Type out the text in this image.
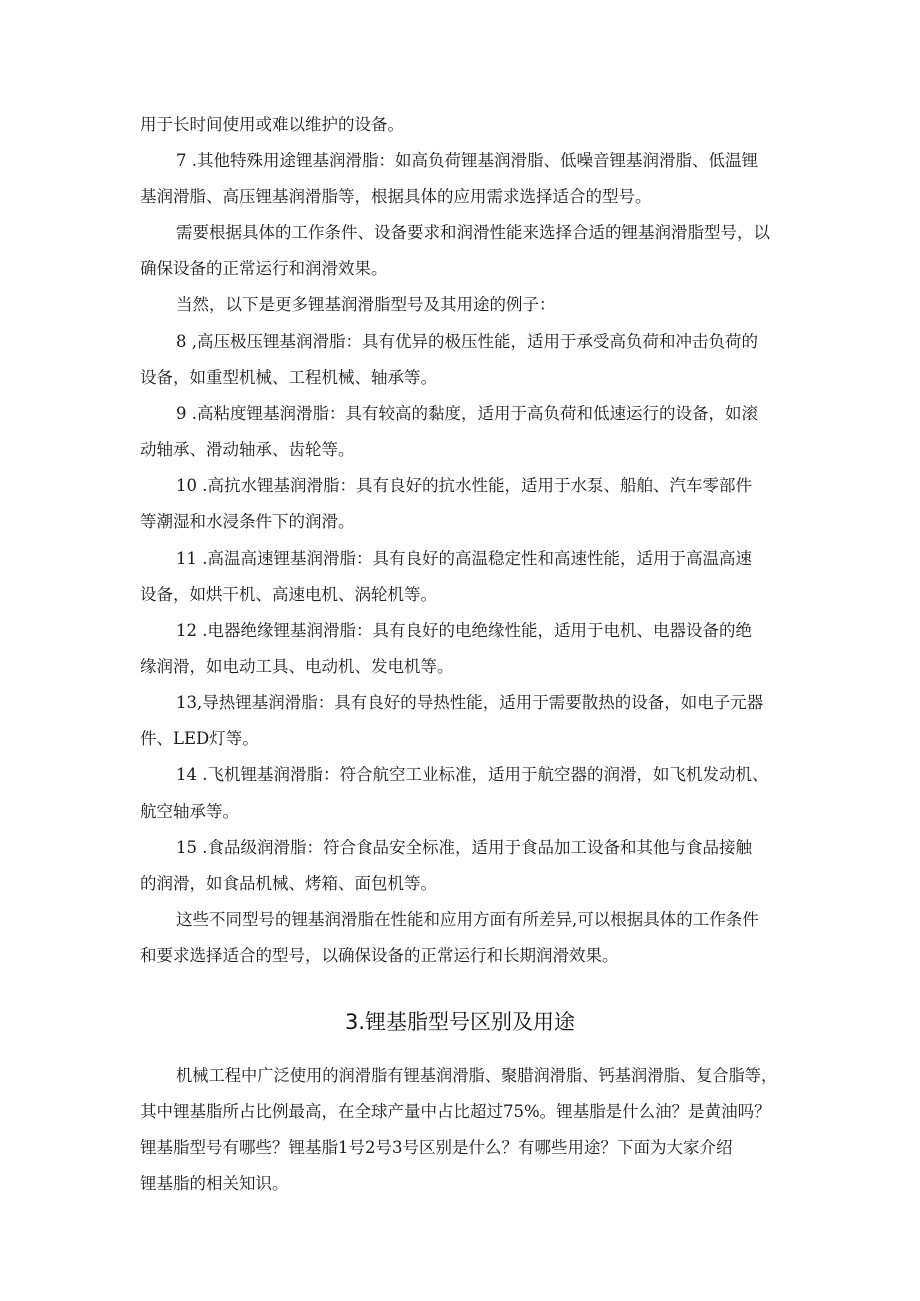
用于长时间使用或难以维护的设备。
7 .其他特殊用途锂基润滑脂：如高负荷锂基润滑脂、低噪音锂基润滑脂、低温锂
基润滑脂、高压锂基润滑脂等，根据具体的应用需求选择适合的型号。
需要根据具体的工作条件、设备要求和润滑性能来选择合适的锂基润滑脂型号，以
确保设备的正常运行和润滑效果。
当然，以下是更多锂基润滑脂型号及其用途的例子：
8 ,高压极压锂基润滑脂：具有优异的极压性能，适用于承受高负荷和冲击负荷的
设备，如重型机械、工程机械、轴承等。
9 .高粘度锂基润滑脂：具有较高的黏度，适用于高负荷和低速运行的设备，如滚
动轴承、滑动轴承、齿轮等。
10 .高抗水锂基润滑脂：具有良好的抗水性能，适用于水泵、船舶、汽车零部件
等潮湿和水浸条件下的润滑。
11 .高温高速锂基润滑脂：具有良好的高温稳定性和高速性能，适用于高温高速
设备，如烘干机、高速电机、涡轮机等。
12 .电器绝缘锂基润滑脂：具有良好的电绝缘性能，适用于电机、电器设备的绝
缘润滑，如电动工具、电动机、发电机等。
13,导热锂基润滑脂：具有良好的导热性能，适用于需要散热的设备，如电子元器
件、LED灯等。
14 .飞机锂基润滑脂：符合航空工业标准，适用于航空器的润滑，如飞机发动机、
航空轴承等。
15 .食品级润滑脂：符合食品安全标准，适用于食品加工设备和其他与食品接触
的润滑，如食品机械、烤箱、面包机等。
这些不同型号的锂基润滑脂在性能和应用方面有所差异,可以根据具体的工作条件
和要求选择适合的型号，以确保设备的正常运行和长期润滑效果。
3.锂基脂型号区别及用途
机械工程中广泛使用的润滑脂有锂基润滑脂、聚腊润滑脂、钙基润滑脂、复合脂等，
其中锂基脂所占比例最高，在全球产量中占比超过75%。锂基脂是什么油？是黄油吗？
锂基脂型号有哪些？锂基脂1号2号3号区别是什么？有哪些用途？下面为大家介绍
锂基脂的相关知识。
